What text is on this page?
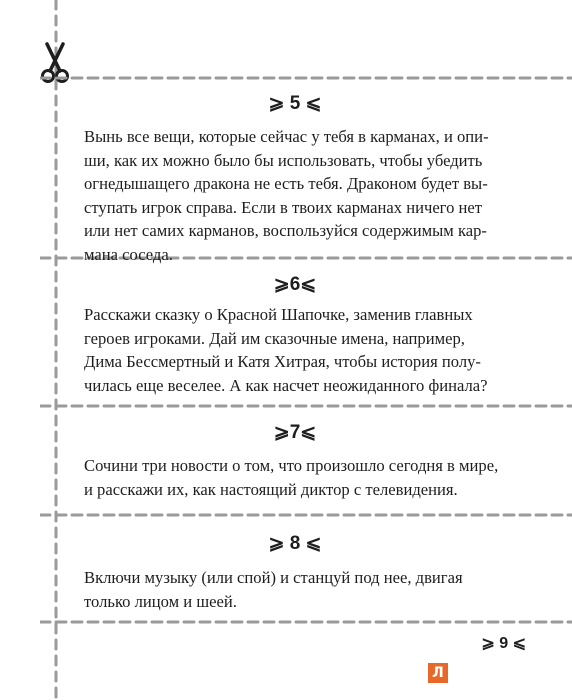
⩾ 5 ⩽
Вынь все вещи, которые сейчас у тебя в карманах, и опи-
ши, как их можно было бы использовать, чтобы убедить
огнедышащего дракона не есть тебя. Драконом будет вы-
ступать игрок справа. Если в твоих карманах ничего нет
или нет самих карманов, воспользуйся содержимым кар-
мана соседа.
⩾6⩽
Расскажи сказку о Красной Шапочке, заменив главных
героев игроками. Дай им сказочные имена, например,
Дима Бессмертный и Катя Хитрая, чтобы история полу-
чилась еще веселее. А как насчет неожиданного финала?
⩾7⩽
Сочини три новости о том, что произошло сегодня в мире,
и расскажи их, как настоящий диктор с телевидения.
⩾ 8 ⩽
Включи музыку (или спой) и станцуй под нее, двигая
только лицом и шеей.
⩾ 9 ⩽
Л
